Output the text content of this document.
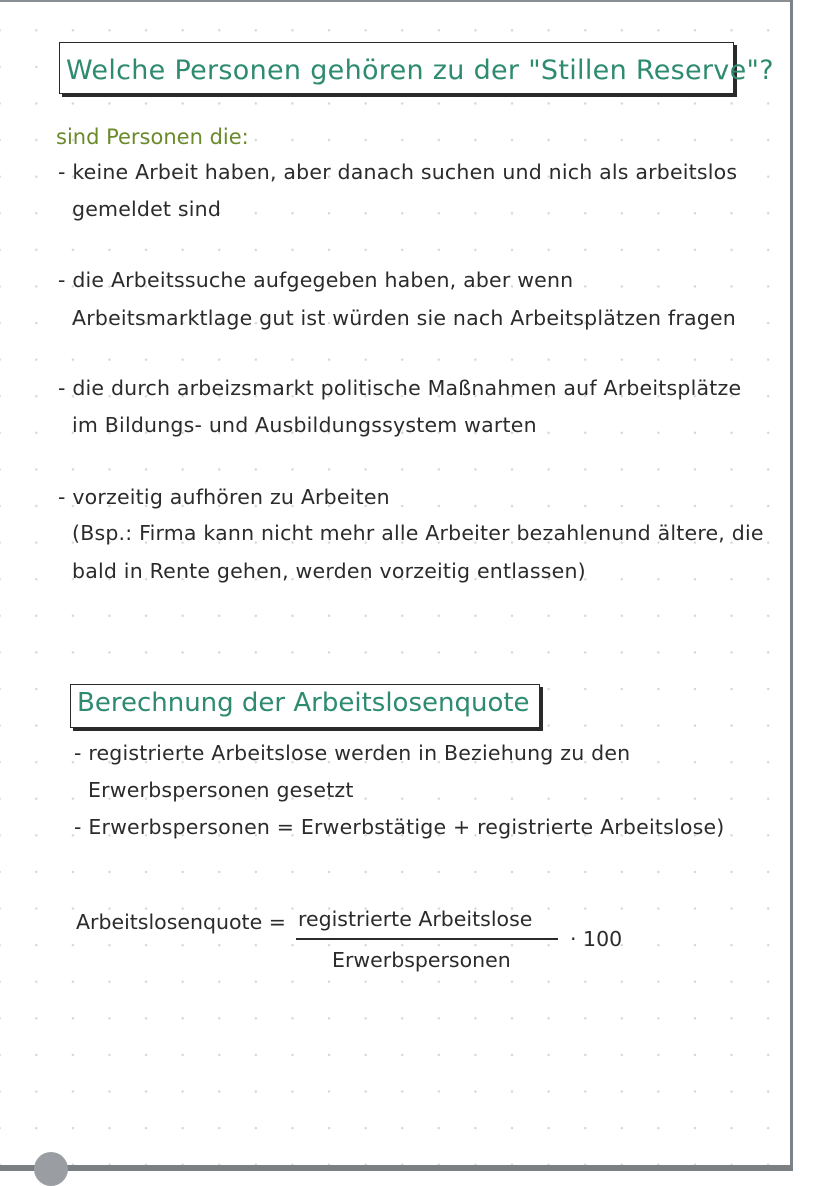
Welche Personen gehören zu der "Stillen Reserve"?
sind Personen die:
- keine Arbeit haben, aber danach suchen und nich als arbeitslos
gemeldet sind
- die Arbeitssuche aufgegeben haben, aber wenn
Arbeitsmarktlage gut ist würden sie nach Arbeitsplätzen fragen
- die durch arbeizsmarkt politische Maßnahmen auf Arbeitsplätze
im Bildungs- und Ausbildungssystem warten
- vorzeitig aufhören zu Arbeiten
(Bsp.: Firma kann nicht mehr alle Arbeiter bezahlenund ältere, die
bald in Rente gehen, werden vorzeitig entlassen)
Berechnung der Arbeitslosenquote
- registrierte Arbeitslose werden in Beziehung zu den
Erwerbspersonen gesetzt
- Erwerbspersonen = Erwerbstätige + registrierte Arbeitslose)
Arbeitslosenquote = registrierte Arbeitslose
Erwerbspersonen
· 100
